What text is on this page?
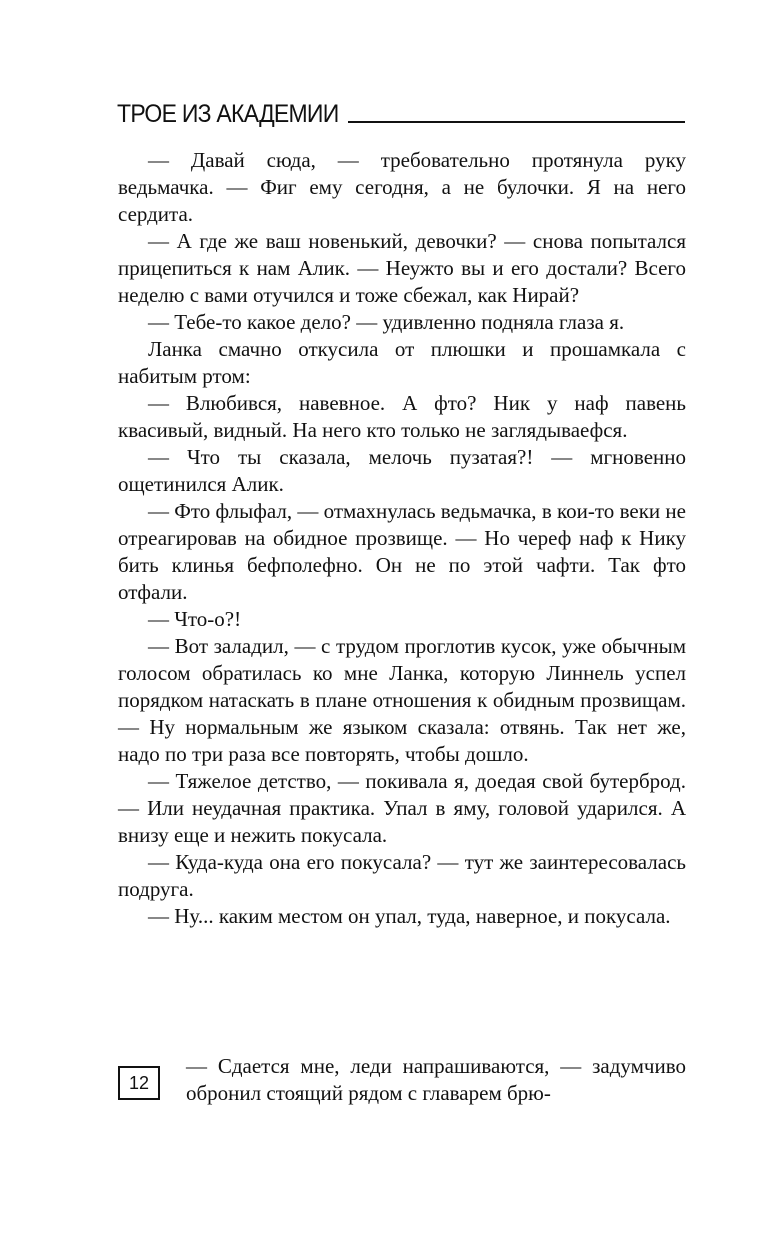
ТРОЕ ИЗ АКАДЕМИИ

— Давай сюда, — требовательно протянула руку ведьмачка. — Фиг ему сегодня, а не булочки. Я на него сердита.

— А где же ваш новенький, девочки? — снова попытался прицепиться к нам Алик. — Неужто вы и его достали? Всего неделю с вами отучился и тоже сбежал, как Нирай?

— Тебе-то какое дело? — удивленно подняла глаза я.

Ланка смачно откусила от плюшки и прошамкала с набитым ртом:

— Влюбився, навевное. А фто? Ник у наф павень квасивый, видный. На него кто только не заглядываефся.

— Что ты сказала, мелочь пузатая?! — мгновенно ощетинился Алик.

— Фто флыфал, — отмахнулась ведьмачка, в кои-то веки не отреагировав на обидное прозвище. — Но череф наф к Нику бить клинья бефполефно. Он не по этой чафти. Так фто отфали.

— Что-о?!

— Вот заладил, — с трудом проглотив кусок, уже обычным голосом обратилась ко мне Ланка, которую Линнель успел порядком натаскать в плане отношения к обидным прозвищам. — Ну нормальным же языком сказала: отвянь. Так нет же, надо по три раза все повторять, чтобы дошло.

— Тяжелое детство, — покивала я, доедая свой бутерброд. — Или неудачная практика. Упал в яму, головой ударился. А внизу еще и нежить покусала.

— Куда-куда она его покусала? — тут же заинтересовалась подруга.

— Ну... каким местом он упал, туда, наверное, и покусала.

12

— Сдается мне, леди напрашиваются, — задумчиво обронил стоящий рядом с главарем брю-
